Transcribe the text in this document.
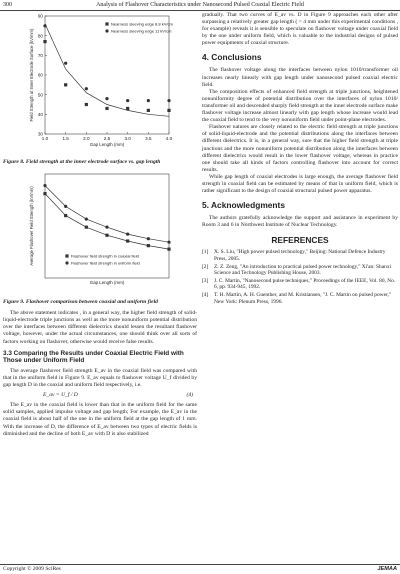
300	Analysis of Flashover Characteristics under Nanosecond Pulsed Coaxial Electric Field
1.0	1.5	2.0	2.5	3.0	3.5	4.0
30
40
50
60
70
80
90
Gap Length (mm)
Field Strength at Inner Electrode Surface (kV/mm)
Nearness sleeving edge 8.8 kV/cm
Nearness sleeving edge 11 kV/cm
Figure 8. Field strength at the inner electrode surface vs. gap length
Gap Length (mm)
Average Flashover Field Strength (kV/mm)	Flashover field strength in coaxial field
Flashover field strength in uniform field
Figure 9. Flashover comparison between coaxial and uniform field

The above statement indicates , in a general way, the higher field strength of solid-liquid-electrode triple junctions as well as the more nonuniform potential distribution over the interfaces between different dielectrics should lessen the resultant flashover voltage, however, under the actual circumstances, one should think over all sorts of factors working on flashover, otherwise would receive false results.

3.3 Comparing the Results under Coaxial Electric Field with Those under Uniform Field

The average flashover field strength E_av in the coaxial field was compared with that in the uniform field in Figure 9. E_av equals to flashover voltage U_f divided by gap length D in the coaxial and uniform field respectively, i.e.

E_av = U_f / D	(4)

The E_av in the coaxial field is lower than that in the uniform field for the same solid samples, applied impulse voltage and gap length; For example, the E_av in the coaxial field is about half of the one in the uniform field at the gap length of 1 mm. With the increase of D, the difference of E_av between two types of electric fields is diminished and the decline of both E_av with D is also stabilized

gradually. That two curves of E_av vs. D in Figure 9 approaches each other after surpassing a relatively greater gap length ( > 4 mm under this experimental conditions , for example) reveals it is sensible to speculate on flashover voltage under coaxial field by the one under uniform field, which is valuable to the industrial designs of pulsed power equipments of coaxial structure.

4. Conclusions

The flashover voltage along the interfaces between nylon 1010/transformer oil increases nearly linearly with gap length under nanosecond pulsed coaxial electric field.

The composition effects of enhanced field strength at triple junctions, heightened nonuniformity degree of potential distribution over the interfaces of nylon 1010/ transformer oil and descended sharply field strength at the inner electrode surface make flashover voltage increase almost linearly with gap length whose increase would lead the coaxial field to tend to the very nonuniform field under point-plane electrodes.

Flashover natures are closely related to the electric field strength at triple junctions of solid-liquid-electrode and the potential distributions along the interfaces between different dielectrics. It is, in a general way, sure that the higher field strength at triple junctions and the more nonuniform potential distribution along the interfaces between different dielectrics would result in the lower flashover voltage, whereas in practice one should take all kinds of factors controlling flashover into account for correct results.

While gap length of coaxial electrodes is large enough, the average flashover field strength in coaxial field can be estimated by means of that in uniform field, which is rather significant to the design of coaxial structural pulsed power apparatus.

5. Acknowledgments

The authors gratefully acknowledge the support and assistance in experiment by Room 3 and 6 in Northwest Institute of Nuclear Technology.

REFERENCES
[1]	X. S. Liu, "High power pulsed technology," Beijing: National Defence Industry Press, 2005.
[2]	Z. Z. Zeng, "An introduction to practical pulsed power technology," Xi'an: Shanxi Science and Technology Publishing House, 2003.
[3]	J. C. Martin, "Nanosecond pulse techniques," Proceedings of the IEEE, Vol. 80, No. 6, pp. 934-945, 1992.
[4]	T. H. Martin, A. H. Guenther, and M. Kristiansen, "J. C. Martin on pulsed power," New York: Plenum Press, 1996.
Copyright © 2009 SciRes	JEMAA
